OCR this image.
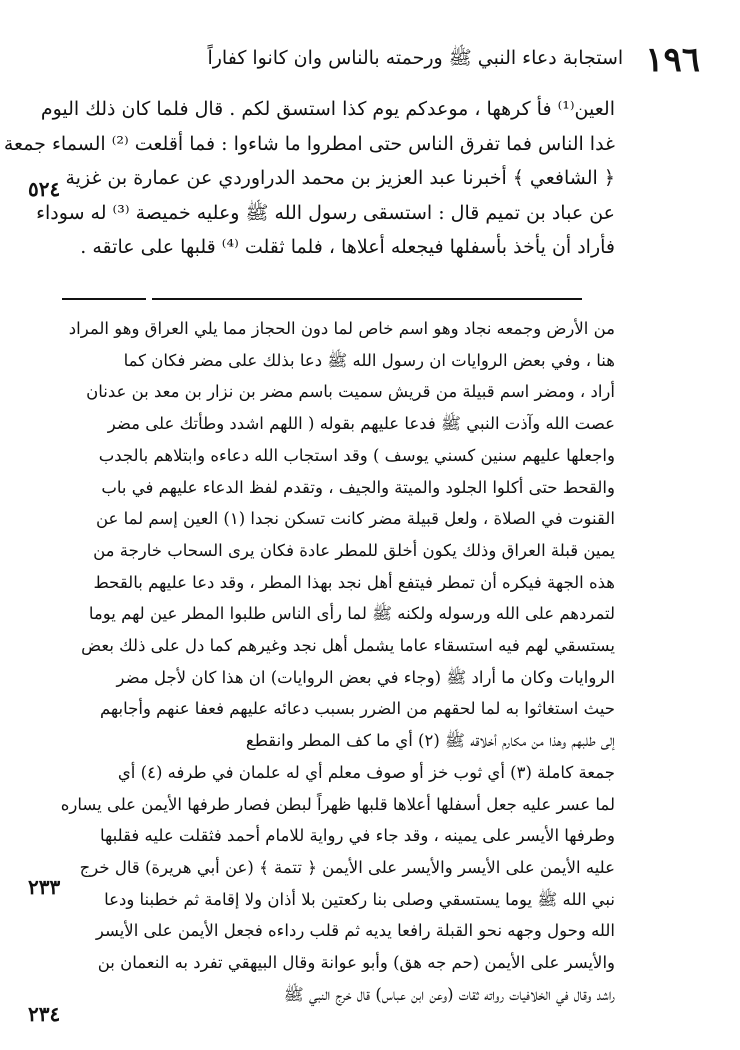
١٩٦
استجابة دعاء النبي ﷺ ورحمته بالناس وان كانوا كفاراً
العين⁽¹⁾ فأ كرهها ، موعدكم يوم كذا استسق لكم . قال فلما كان ذلك اليوم
غدا الناس فما تفرق الناس حتى امطروا ما شاءوا : فما أقلعت ⁽²⁾ السماء جمعة
﴿ الشافعي ﴾ أخبرنا عبد العزيز بن محمد الدراوردي عن عمارة بن غزية
عن عباد بن تميم قال : استسقى رسول الله ﷺ وعليه خميصة ⁽³⁾ له سوداء
فأراد أن يأخذ بأسفلها فيجعله أعلاها ، فلما ثقلت ⁽⁴⁾ قلبها على عاتقه .
٥٢٤
من الأرض وجمعه نجاد وهو اسم خاص لما دون الحجاز مما يلي العراق وهو المراد
هنا ، وفي بعض الروايات ان رسول الله ﷺ دعا بذلك على مضر فكان كما
أراد ، ومضر اسم قبيلة من قريش سميت باسم مضر بن نزار بن معد بن عدنان
عصت الله وآذت النبي ﷺ فدعا عليهم بقوله ( اللهم اشدد وطأتك على مضر
واجعلها عليهم سنين كسني يوسف ) وقد استجاب الله دعاءه وابتلاهم بالجدب
والقحط حتى أكلوا الجلود والميتة والجيف ، وتقدم لفظ الدعاء عليهم في باب
القنوت في الصلاة ، ولعل قبيلة مضر كانت تسكن نجدا (١) العين إسم لما عن
يمين قبلة العراق وذلك يكون أخلق للمطر عادة فكان يرى السحاب خارجة من
هذه الجهة فيكره أن تمطر فيتفع أهل نجد بهذا المطر ، وقد دعا عليهم بالقحط
لتمردهم على الله ورسوله ولكنه ﷺ لما رأى الناس طلبوا المطر عين لهم يوما
يستسقي لهم فيه استسقاء عاما يشمل أهل نجد وغيرهم كما دل على ذلك بعض
الروايات وكان ما أراد ﷺ (وجاء في بعض الروايات) ان هذا كان لأجل مضر
حيث استغاثوا به لما لحقهم من الضرر بسبب دعائه عليهم فعفا عنهم وأجابهم
إلى طلبهم وهذا من مكارم أخلاقه ﷺ (٢) أي ما كف المطر وانقطع
جمعة كاملة (٣) أي ثوب خز أو صوف معلم أي له علمان في طرفه (٤) أي
لما عسر عليه جعل أسفلها أعلاها قلبها ظهراً لبطن فصار طرفها الأيمن على يساره
وطرفها الأيسر على يمينه ، وقد جاء في رواية للامام أحمد فثقلت عليه فقلبها
عليه الأيمن على الأيسر والأيسر على الأيمن ﴿ تتمة ﴾ (عن أبي هريرة) قال خرج
نبي الله ﷺ يوما يستسقي وصلى بنا ركعتين بلا أذان ولا إقامة ثم خطبنا ودعا
الله وحول وجهه نحو القبلة رافعا يديه ثم قلب رداءه فجعل الأيمن على الأيسر
والأيسر على الأيمن (حم جه هق) وأبو عوانة وقال البيهقي تفرد به النعمان بن
راشد وقال في الخلافيات رواته ثقات (وعن ابن عباس) قال خرج النبي ﷺ
٢٣٣
٢٣٤
